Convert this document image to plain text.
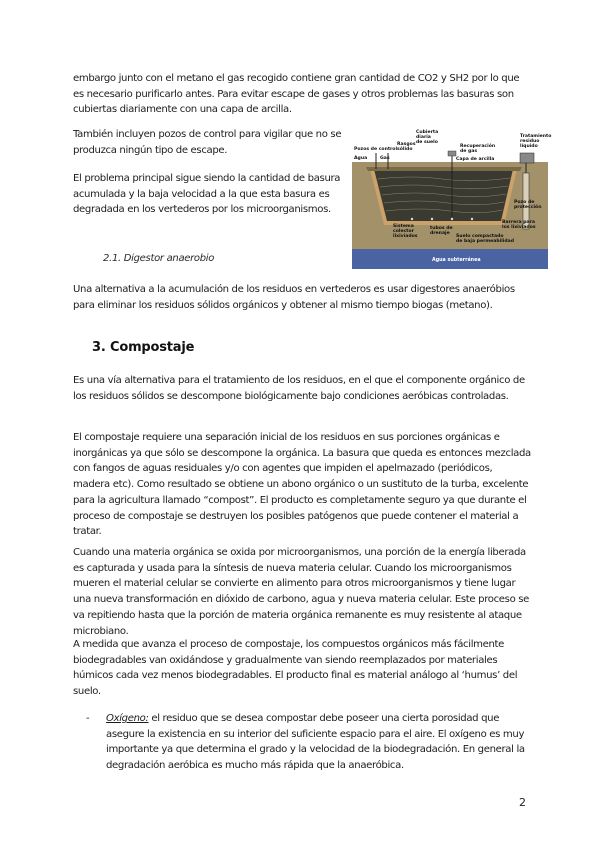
embargo junto con el metano el gas recogido contiene gran cantidad de CO2 y SH2 por lo que es necesario purificarlo antes. Para evitar escape de gases y otros problemas las basuras son cubiertas diariamente con una capa de arcilla.

También incluyen pozos de control para vigilar que no se produzca ningún tipo de escape.

El problema principal sigue siendo la cantidad de basura acumulada y la baja velocidad a la que esta basura es degradada en los vertederos por los microorganismos.

2.1. Digestor anaerobio

Una alternativa a la acumulación de los residuos en vertederos es usar digestores anaeróbios para eliminar los residuos sólidos orgánicos y obtener al mismo tiempo biogas (metano).

3. Compostaje

Es una vía alternativa para el tratamiento de los residuos, en el que el componente orgánico de los residuos sólidos se descompone biológicamente bajo condiciones aeróbicas controladas.

El compostaje requiere una separación inicial de los residuos en sus porciones orgánicas e inorgánicas ya que sólo se descompone la orgánica. La basura que queda es entonces mezclada con fangos de aguas residuales y/o con agentes que impiden el apelmazado (periódicos, madera etc). Como resultado se obtiene un abono orgánico o un sustituto de la turba, excelente para la agricultura llamado “compost”. El producto es completamente seguro ya que durante el proceso de compostaje se destruyen los posibles patógenos que puede contener el material a tratar.

Cuando una materia orgánica se oxida por microorganismos, una porción de la energía liberada es capturada y usada para la síntesis de nueva materia celular. Cuando los microorganismos mueren el material celular se convierte en alimento para otros microorganismos y tiene lugar una nueva transformación en dióxido de carbono, agua y nueva materia celular. Este proceso se va repitiendo hasta que la porción de materia orgánica remanente es muy resistente al ataque microbiano.

A medida que avanza el proceso de compostaje, los compuestos orgánicos más fácilmente biodegradables van oxidándose y gradualmente van siendo reemplazados por materiales húmicos cada vez menos biodegradables. El producto final es material análogo al ‘humus’ del suelo.

- Oxígeno: el residuo que se desea compostar debe poseer una cierta porosidad que asegure la existencia en su interior del suficiente espacio para el aire. El oxígeno es muy importante ya que determina el grado y la velocidad de la biodegradación. En general la degradación aeróbica es mucho más rápida que la anaeróbica.

2
Cubierta
diaria
de suelo
Pozos de control
Rasgos
sólido
Agua	Gas
Recuperación
de gas
Capa de arcilla
Tratamiento
residuo
líquido
Sistema
colector
lixiviados
tubos de
drenaje
Pozo de
protección
Barrera para
los lixiviados
Suelo compactado
de baja permeabilidad
Agua subterránea
